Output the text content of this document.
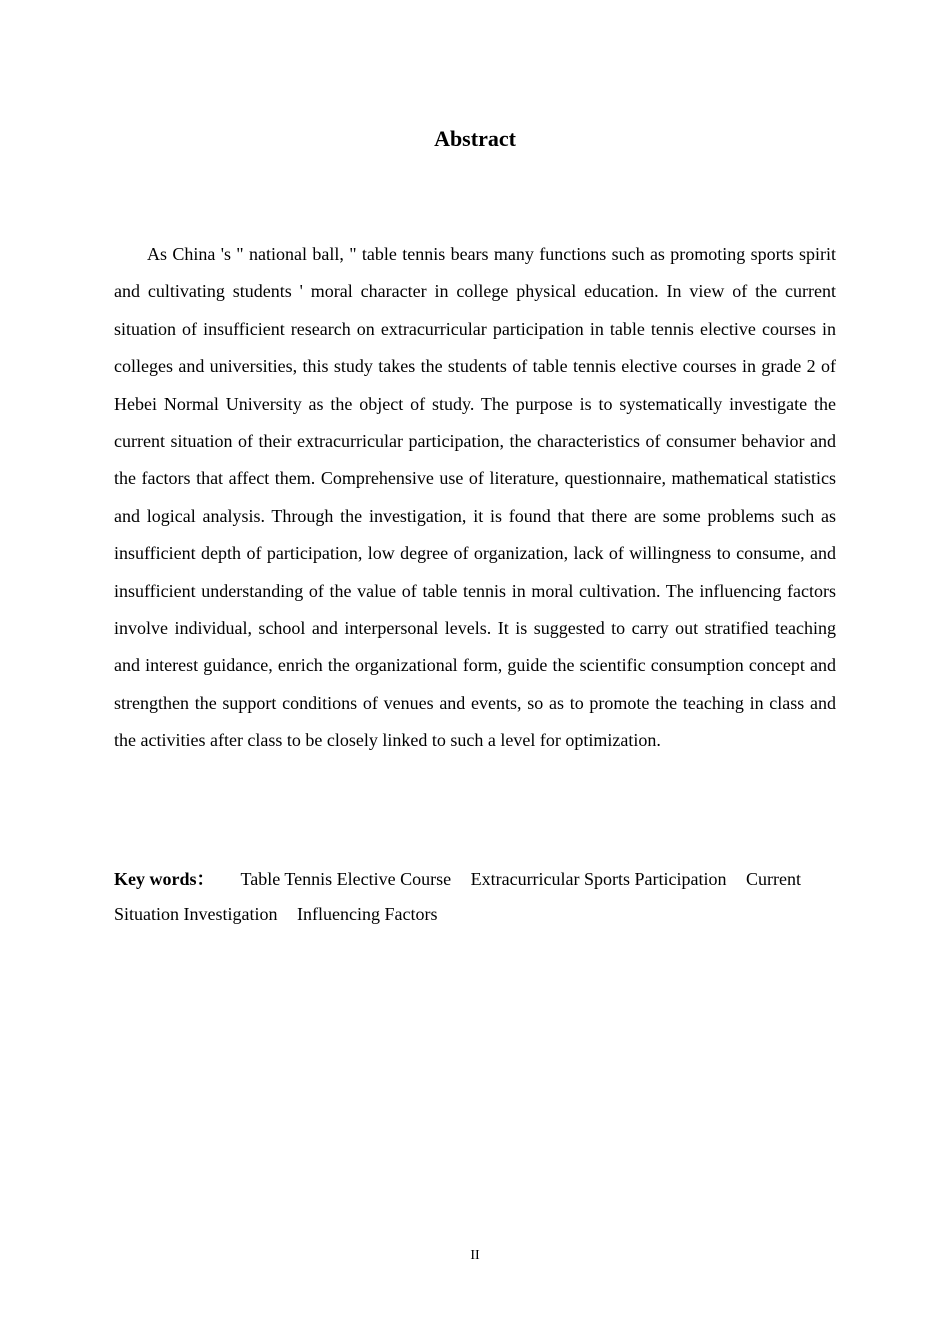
Abstract

As China 's " national ball, " table tennis bears many functions such as promoting sports spirit and cultivating students ' moral character in college physical education. In view of the current situation of insufficient research on extracurricular participation in table tennis elective courses in colleges and universities, this study takes the students of table tennis elective courses in grade 2 of Hebei Normal University as the object of study. The purpose is to systematically investigate the current situation of their extracurricular participation, the characteristics of consumer behavior and the factors that affect them. Comprehensive use of literature, questionnaire, mathematical statistics and logical analysis. Through the investigation, it is found that there are some problems such as insufficient depth of participation, low degree of organization, lack of willingness to consume, and insufficient understanding of the value of table tennis in moral cultivation. The influencing factors involve individual, school and interpersonal levels. It is suggested to carry out stratified teaching and interest guidance, enrich the organizational form, guide the scientific consumption concept and strengthen the support conditions of venues and events, so as to promote the teaching in class and the activities after class to be closely linked to such a level for optimization.

Key words： Table Tennis Elective Course Extracurricular Sports Participation Current Situation Investigation Influencing Factors

II
